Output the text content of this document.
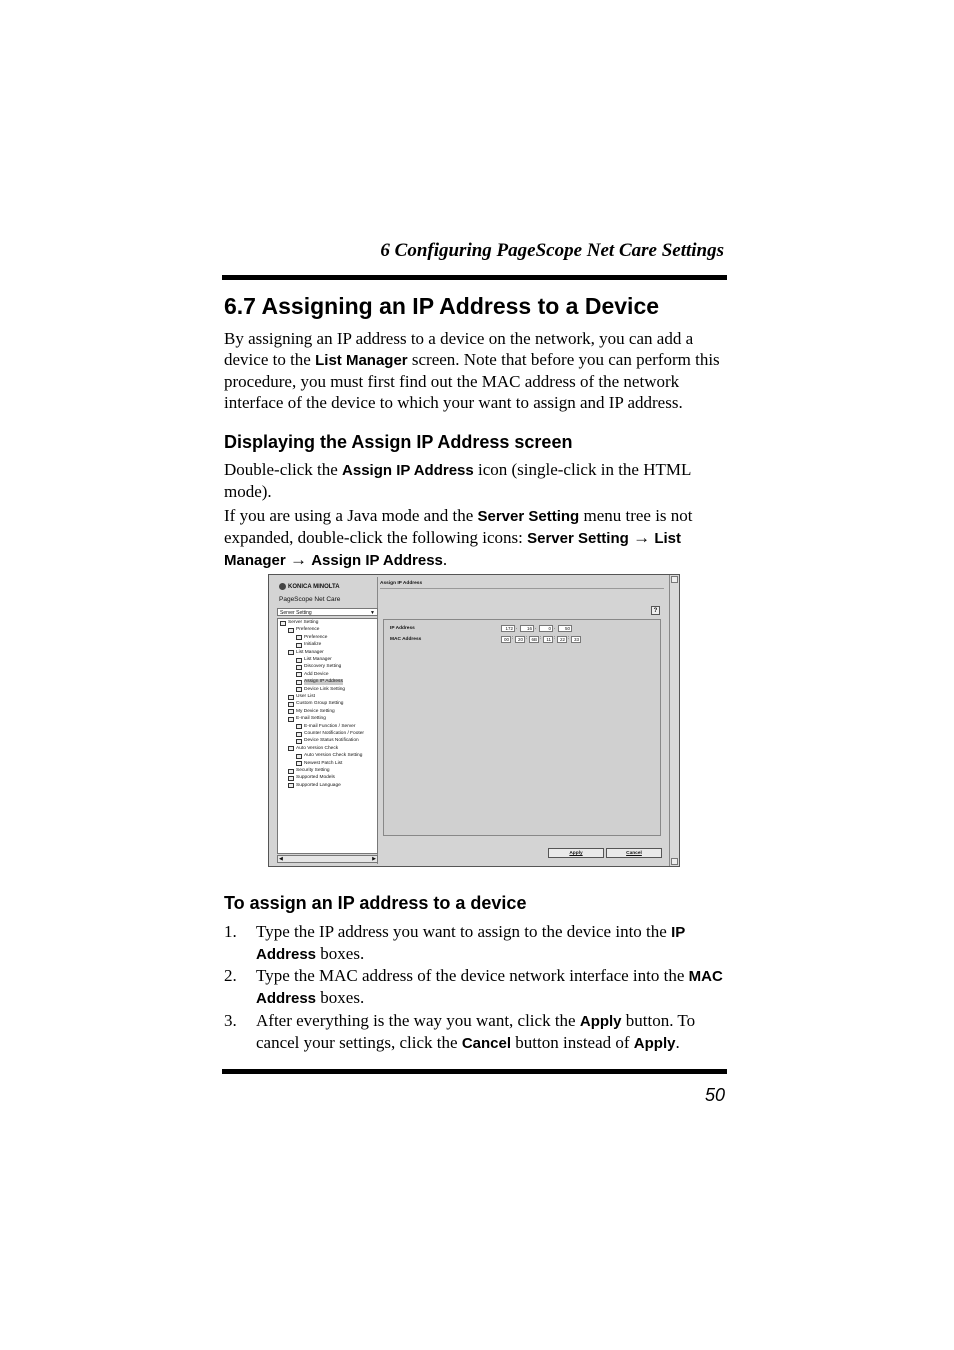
6 Configuring PageScope Net Care Settings
6.7 Assigning an IP Address to a Device

By assigning an IP address to a device on the network, you can add a device to the List Manager screen. Note that before you can perform this procedure, you must first find out the MAC address of the network interface of the device to which your want to assign and IP address.

Displaying the Assign IP Address screen

Double-click the Assign IP Address icon (single-click in the HTML mode).

If you are using a Java mode and the Server Setting menu tree is not expanded, double-click the following icons: Server Setting → List Manager → Assign IP Address.

KONICA MINOLTA
PageScope Net Care
Server Setting	▼
Server Setting
Preference
Preference
Initialize
List Manager
List Manager
Discovery Setting
Add Device
Assign IP Address
Device Link Setting
User List
Custom Group Setting
My Device Setting
E-mail Setting
E-mail Function / Server
Counter Notification / Footer
Device Status Notification
Auto Version Check
Auto Version Check Setting
Newest Patch List
Security Setting
Supported Models
Supported Language
◀	▶
Assign IP Address
?
IP Address	172 .	16 .	0 .	50
MAC Address	00 :	20 : 6B :	11 :	22 :	33
Apply	Cancel
To assign an IP address to a device
1. Type the IP address you want to assign to the device into the IP Address boxes.
2. Type the MAC address of the device network interface into the MAC Address boxes.
3. After everything is the way you want, click the Apply button. To cancel your settings, click the Cancel button instead of Apply.
50
